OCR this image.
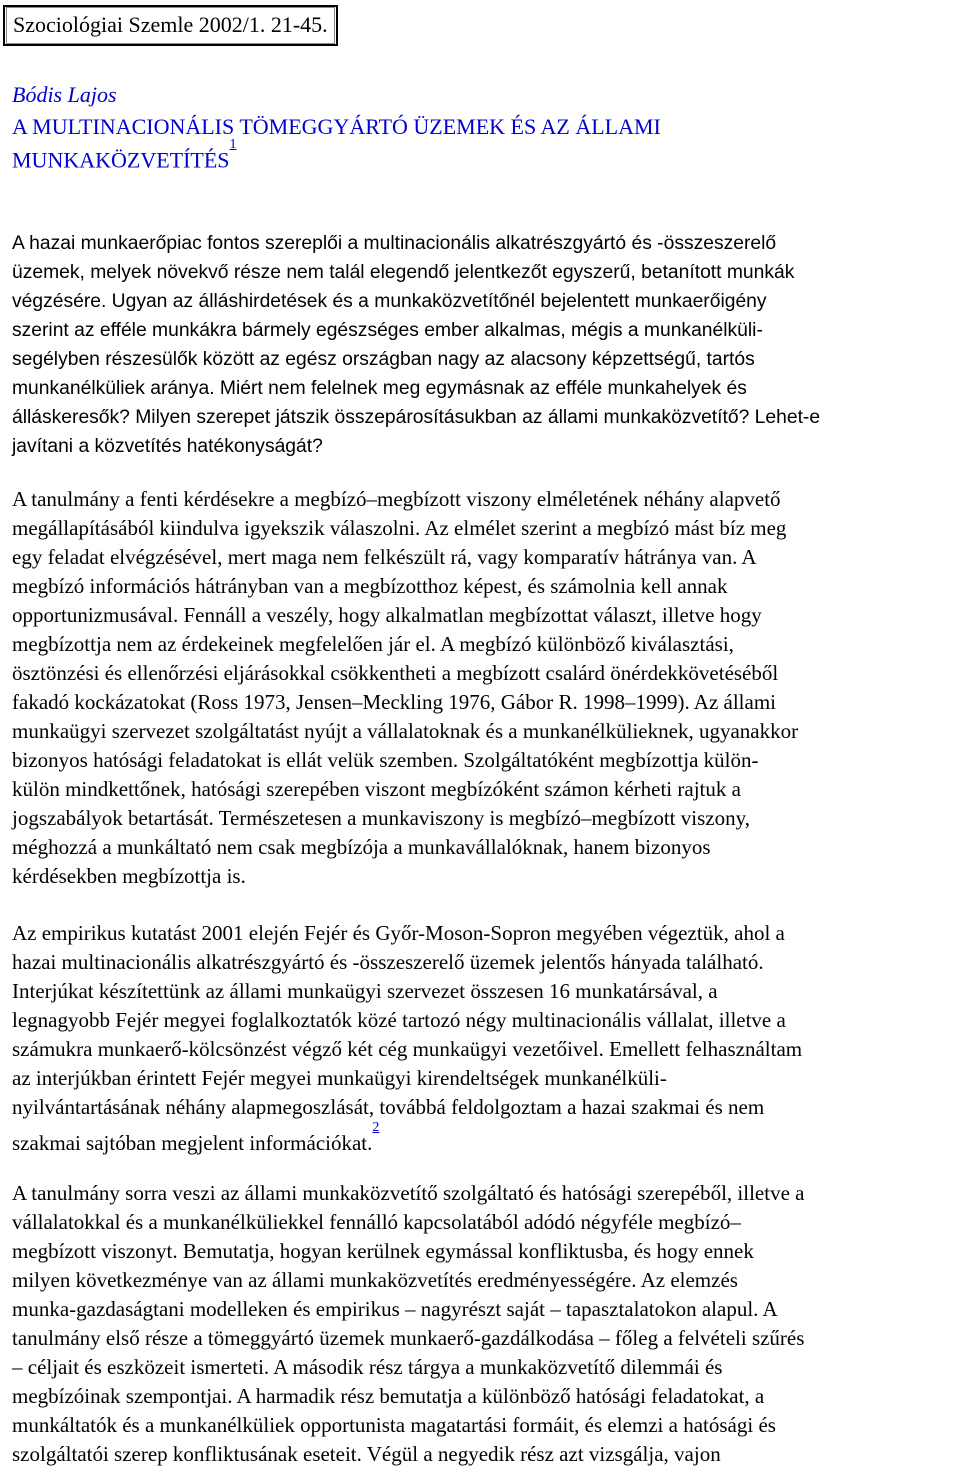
Szociológiai Szemle 2002/1. 21-45.
Bódis Lajos
A MULTINACIONÁLIS TÖMEGGYÁRTÓ ÜZEMEK ÉS AZ ÁLLAMI
MUNKAKÖZVETÍTÉS$^{^1}$

A hazai munkaerőpiac fontos szereplői a multinacionális alkatrészgyártó és -összeszerelő
üzemek, melyek növekvő része nem talál elegendő jelentkezőt egyszerű, betanított munkák
végzésére. Ugyan az álláshirdetések és a munkaközvetítőnél bejelentett munkaerőigény
szerint az efféle munkákra bármely egészséges ember alkalmas, mégis a munkanélküli-
segélyben részesülők között az egész országban nagy az alacsony képzettségű, tartós
munkanélküliek aránya. Miért nem felelnek meg egymásnak az efféle munkahelyek és
álláskeresők? Milyen szerepet játszik összepárosításukban az állami munkaközvetítő? Lehet-e
javítani a közvetítés hatékonyságát?

A tanulmány a fenti kérdésekre a megbízó–megbízott viszony elméletének néhány alapvető
megállapításából kiindulva igyekszik válaszolni. Az elmélet szerint a megbízó mást bíz meg
egy feladat elvégzésével, mert maga nem felkészült rá, vagy komparatív hátránya van. A
megbízó információs hátrányban van a megbízotthoz képest, és számolnia kell annak
opportunizmusával. Fennáll a veszély, hogy alkalmatlan megbízottat választ, illetve hogy
megbízottja nem az érdekeinek megfelelően jár el. A megbízó különböző kiválasztási,
ösztönzési és ellenőrzési eljárásokkal csökkentheti a megbízott csalárd önérdekkövetéséből
fakadó kockázatokat (Ross 1973, Jensen–Meckling 1976, Gábor R. 1998–1999). Az állami
munkaügyi szervezet szolgáltatást nyújt a vállalatoknak és a munkanélkülieknek, ugyanakkor
bizonyos hatósági feladatokat is ellát velük szemben. Szolgáltatóként megbízottja külön-
külön mindkettőnek, hatósági szerepében viszont megbízóként számon kérheti rajtuk a
jogszabályok betartását. Természetesen a munkaviszony is megbízó–megbízott viszony,
méghozzá a munkáltató nem csak megbízója a munkavállalóknak, hanem bizonyos
kérdésekben megbízottja is.

Az empirikus kutatást 2001 elején Fejér és Győr-Moson-Sopron megyében végeztük, ahol a
hazai multinacionális alkatrészgyártó és -összeszerelő üzemek jelentős hányada található.
Interjúkat készítettünk az állami munkaügyi szervezet összesen 16 munkatársával, a
legnagyobb Fejér megyei foglalkoztatók közé tartozó négy multinacionális vállalat, illetve a
számukra munkaerő-kölcsönzést végző két cég munkaügyi vezetőivel. Emellett felhasználtam
az interjúkban érintett Fejér megyei munkaügyi kirendeltségek munkanélküli-
nyilvántartásának néhány alapmegoszlását, továbbá feldolgoztam a hazai szakmai és nem
szakmai sajtóban megjelent információkat.$^{^2}$

A tanulmány sorra veszi az állami munkaközvetítő szolgáltató és hatósági szerepéből, illetve a
vállalatokkal és a munkanélküliekkel fennálló kapcsolatából adódó négyféle megbízó–
megbízott viszonyt. Bemutatja, hogyan kerülnek egymással konfliktusba, és hogy ennek
milyen következménye van az állami munkaközvetítés eredményességére. Az elemzés
munka-gazdaságtani modelleken és empirikus – nagyrészt saját – tapasztalatokon alapul. A
tanulmány első része a tömeggyártó üzemek munkaerő-gazdálkodása – főleg a felvételi szűrés
– céljait és eszközeit ismerteti. A második rész tárgya a munkaközvetítő dilemmái és
megbízóinak szempontjai. A harmadik rész bemutatja a különböző hatósági feladatokat, a
munkáltatók és a munkanélküliek opportunista magatartási formáit, és elemzi a hatósági és
szolgáltatói szerep konfliktusának eseteit. Végül a negyedik rész azt vizsgálja, vajon
